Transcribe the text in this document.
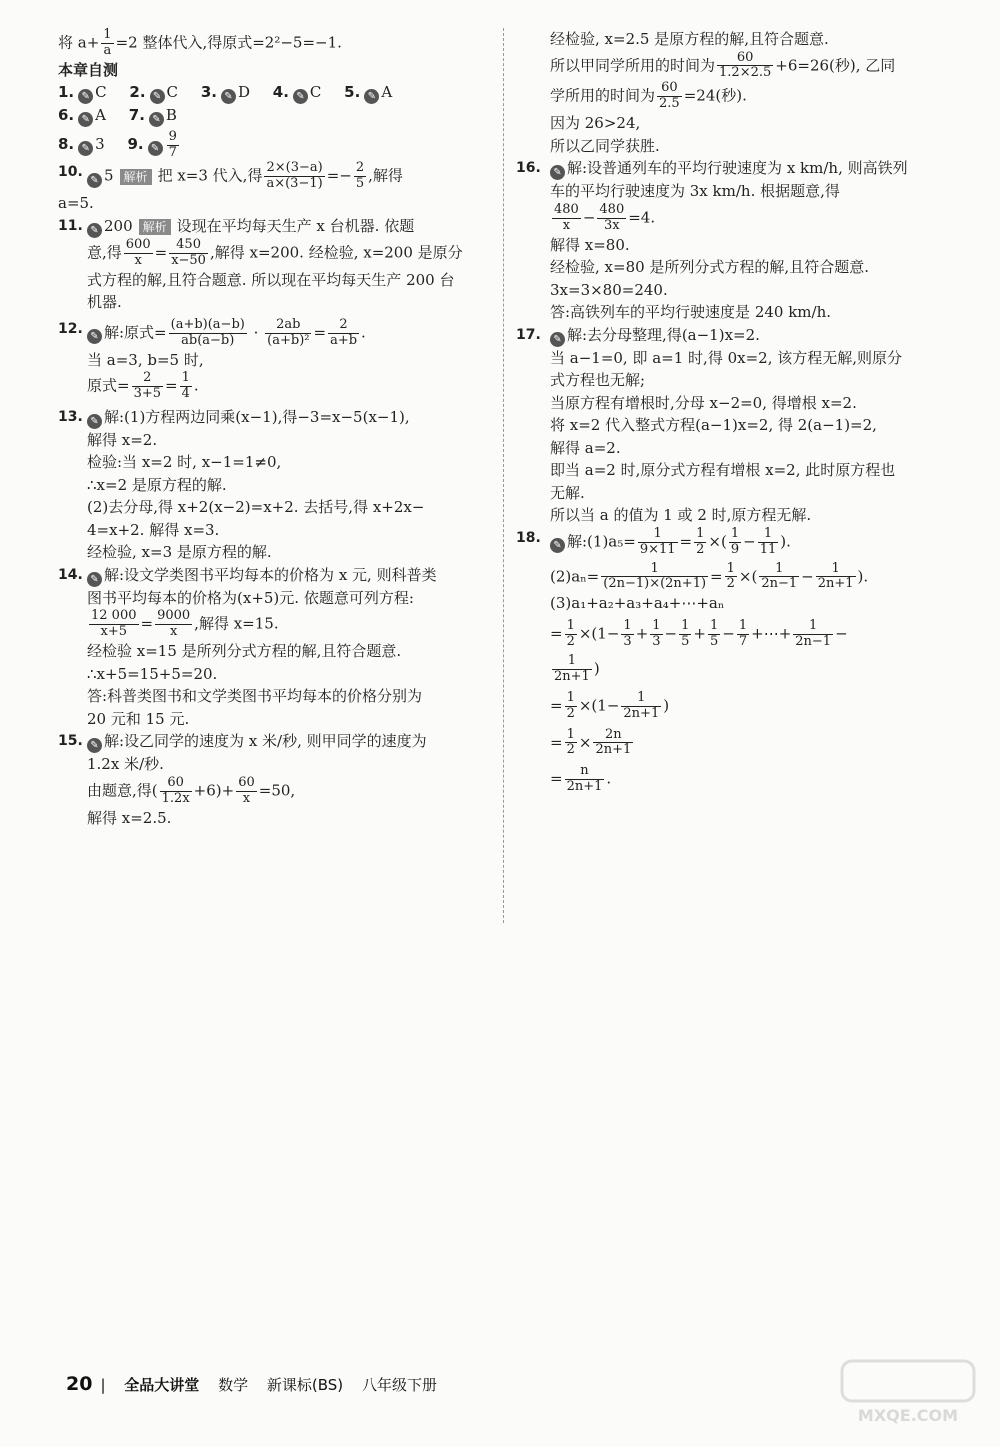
将 $a+ \frac{1}{a} =2$ 整体代入,得原式=2²−5=−1.
本章自测
1. ✎ C 2. ✎ C 3. ✎ D 4. ✎ C 5. ✎ A
6. ✎ A 7. ✎ B
8. ✎ 3 9. ✎ $\frac{9}{7}$
10. ✎ 5 解析 把 x=3 代入,得 $\frac{2\times(3-a)}{a\times(3-1)} =- \frac{2}{5}$ ,解得
a=5.
11. ✎ 200 解析 设现在平均每天生产 x 台机器. 依题
意,得 $\frac{600}{x} = \frac{450}{x-50}$ ,解得 x=200. 经检验, x=200 是原分
式方程的解,且符合题意. 所以现在平均每天生产 200 台
机器.
12. ✎ 解:原式= $\frac{(a+b)(a-b)}{ab(a-b)} \cdot \frac{2ab}{\text{(a+b)²}} = \frac{2}{a+b}$ .
当 a=3, b=5 时,
原式= $\frac{2}{3+5} = \frac{1}{4}$ .
13. ✎ 解:(1)方程两边同乘(x−1),得−3=x−5(x−1),
解得 x=2.
检验:当 x=2 时, x−1=1≠0,
∴x=2 是原方程的解.
(2)去分母,得 x+2(x−2)=x+2. 去括号,得 x+2x−
4=x+2. 解得 x=3.
经检验, x=3 是原方程的解.
14. ✎ 解:设文学类图书平均每本的价格为 x 元, 则科普类
图书平均每本的价格为(x+5)元. 依题意可列方程:
$\frac{12 000}{x+5} = \frac{9000}{x}$ ,解得 x=15.
经检验 x=15 是所列分式方程的解,且符合题意.
∴x+5=15+5=20.
答:科普类图书和文学类图书平均每本的价格分别为
20 元和 15 元.
15. ✎ 解:设乙同学的速度为 x 米/秒, 则甲同学的速度为
1.2x 米/秒.
由题意,得( $\frac{60}{1.2x} +6)+ \frac{60}{x} =50$,
解得 x=2.5.
经检验, x=2.5 是原方程的解,且符合题意.
所以甲同学所用的时间为 $\frac{60}{1.2\times 2.5} +6=26$(秒), 乙同
学所用的时间为 $\frac{60}{2.5} =24$(秒).
因为 26>24,
所以乙同学获胜.
16.	✎ 解:设普通列车的平均行驶速度为 x km/h, 则高铁列
车的平均行驶速度为 3x km/h. 根据题意,得
$\frac{480}{x} - \frac{480}{3x} =4$.
解得 x=80.
经检验, x=80 是所列分式方程的解,且符合题意.
3x=3×80=240.
答:高铁列车的平均行驶速度是 240 km/h.
17.	✎ 解:去分母整理,得(a−1)x=2.
当 a−1=0, 即 a=1 时,得 0x=2, 该方程无解,则原分
式方程也无解;
当原方程有增根时,分母 x−2=0, 得增根 x=2.
将 x=2 代入整式方程(a−1)x=2, 得 2(a−1)=2,
解得 a=2.
即当 a=2 时,原分式方程有增根 x=2, 此时原方程也
无解.
所以当 a 的值为 1 或 2 时,原方程无解.
18.	✎ 解:(1)a₅= $\frac{1}{9\times 11} = \frac{1}{2}$ ×( $\frac{1}{9} - \frac{1}{11}$ ).
$(2)a_n= \frac{1}{(2n-1)\times(2n+1)} = \frac{1}{2}$ ×( $\frac{1}{2n-1} - \frac{1}{2n+1}$ ).
(3)a₁+a₂+a₃+a₄+⋯+aₙ
= $\frac{1}{2} \times(1- \frac{1}{3} + \frac{1}{3} - \frac{1}{5} + \frac{1}{5} - \frac{1}{7}$ +⋯+ $\frac{1}{2n-1}$ −
$\frac{1}{2n+1}$ )
= $\frac{1}{2} \times(1- \frac{1}{2n+1}$ )
= $\frac{1}{2} \times \frac{2n}{2n+1}$
= $\frac{n}{2n+1}$ .
20 | 全品大讲堂 数学 新课标(BS) 八年级下册
MXQE.COM
